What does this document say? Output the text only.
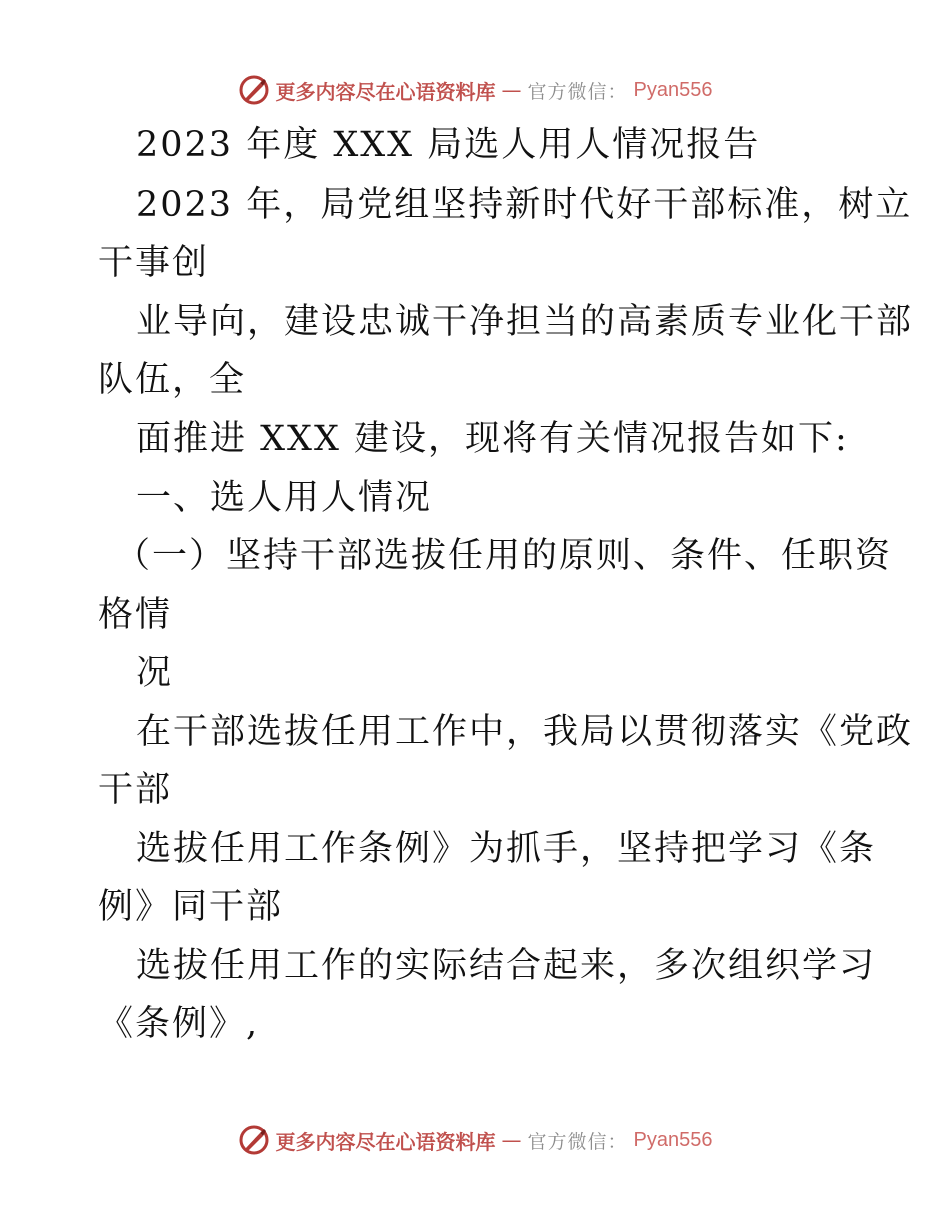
更多内容尽在心语资料库 — 官方微信： Pyan556
2023 年度 XXX 局选人用人情况报告
2023 年，局党组坚持新时代好干部标准，树立
干事创
业导向，建设忠诚干净担当的高素质专业化干部
队伍，全
面推进 XXX 建设，现将有关情况报告如下:
一、选人用人情况
（一）坚持干部选拔任用的原则、条件、任职资
格情
况
在干部选拔任用工作中，我局以贯彻落实《党政
干部
选拔任用工作条例》为抓手，坚持把学习《条
例》同干部
选拔任用工作的实际结合起来，多次组织学习
《条例》,
更多内容尽在心语资料库 — 官方微信： Pyan556
